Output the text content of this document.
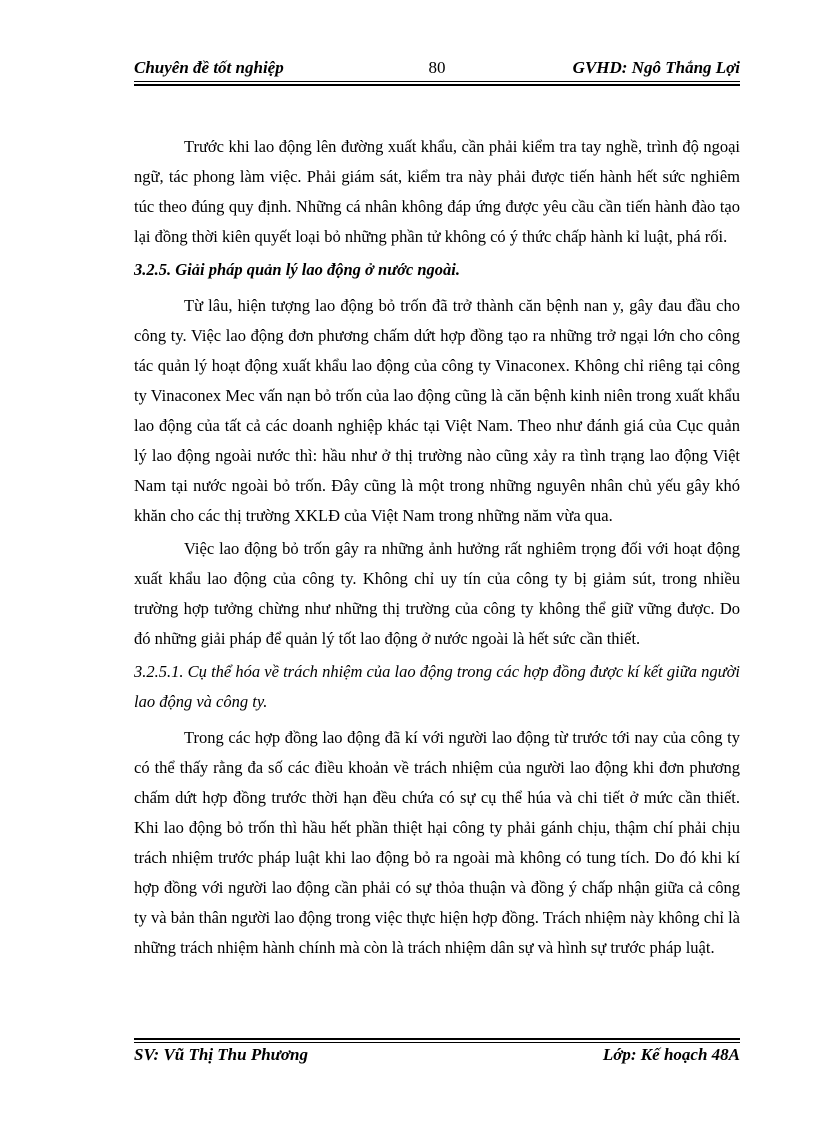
Chuyên đề tốt nghiệp	80	GVHD: Ngô Thắng Lợi

Trước khi lao động lên đường xuất khẩu, cần phải kiểm tra tay nghề, trình độ ngoại ngữ, tác phong làm việc. Phải giám sát, kiểm tra này phải được tiến hành hết sức nghiêm túc theo đúng quy định. Những cá nhân không đáp ứng được yêu cầu cần tiến hành đào tạo lại đồng thời kiên quyết loại bỏ những phần tử không có ý thức chấp hành kỉ luật, phá rối.

3.2.5. Giải pháp quản lý lao động ở nước ngoài.

Từ lâu, hiện tượng lao động bỏ trốn đã trở thành căn bệnh nan y, gây đau đầu cho công ty. Việc lao động đơn phương chấm dứt hợp đồng tạo ra những trở ngại lớn cho công tác quản lý hoạt động xuất khẩu lao động của công ty Vinaconex. Không chỉ riêng tại công ty Vinaconex Mec vấn nạn bỏ trốn của lao động cũng là căn bệnh kinh niên trong xuất khẩu lao động của tất cả các doanh nghiệp khác tại Việt Nam. Theo như đánh giá của Cục quản lý lao động ngoài nước thì: hầu như ở thị trường nào cũng xảy ra tình trạng lao động Việt Nam tại nước ngoài bỏ trốn. Đây cũng là một trong những nguyên nhân chủ yếu gây khó khăn cho các thị trường XKLĐ của Việt Nam trong những năm vừa qua.

Việc lao động bỏ trốn gây ra những ảnh hưởng rất nghiêm trọng đối với hoạt động xuất khẩu lao động của công ty. Không chỉ uy tín của công ty bị giảm sút, trong nhiều trường hợp tưởng chừng như những thị trường của công ty không thể giữ vững được. Do đó những giải pháp để quản lý tốt lao động ở nước ngoài là hết sức cần thiết.

3.2.5.1. Cụ thể hóa về trách nhiệm của lao động trong các hợp đồng được kí kết giữa người lao động và công ty.

Trong các hợp đồng lao động đã kí với người lao động từ trước tới nay của công ty có thể thấy rằng đa số các điều khoản về trách nhiệm của người lao động khi đơn phương chấm dứt hợp đồng trước thời hạn đều chứa có sự cụ thể húa và chi tiết ở mức cần thiết. Khi lao động bỏ trốn thì hầu hết phần thiệt hại công ty phải gánh chịu, thậm chí phải chịu trách nhiệm trước pháp luật khi lao động bỏ ra ngoài mà không có tung tích. Do đó khi kí hợp đồng với người lao động cần phải có sự thỏa thuận và đồng ý chấp nhận giữa cả công ty và bản thân người lao động trong việc thực hiện hợp đồng. Trách nhiệm này không chỉ là những trách nhiệm hành chính mà còn là trách nhiệm dân sự và hình sự trước pháp luật.

SV: Vũ Thị Thu Phương	Lớp: Kế hoạch 48A
